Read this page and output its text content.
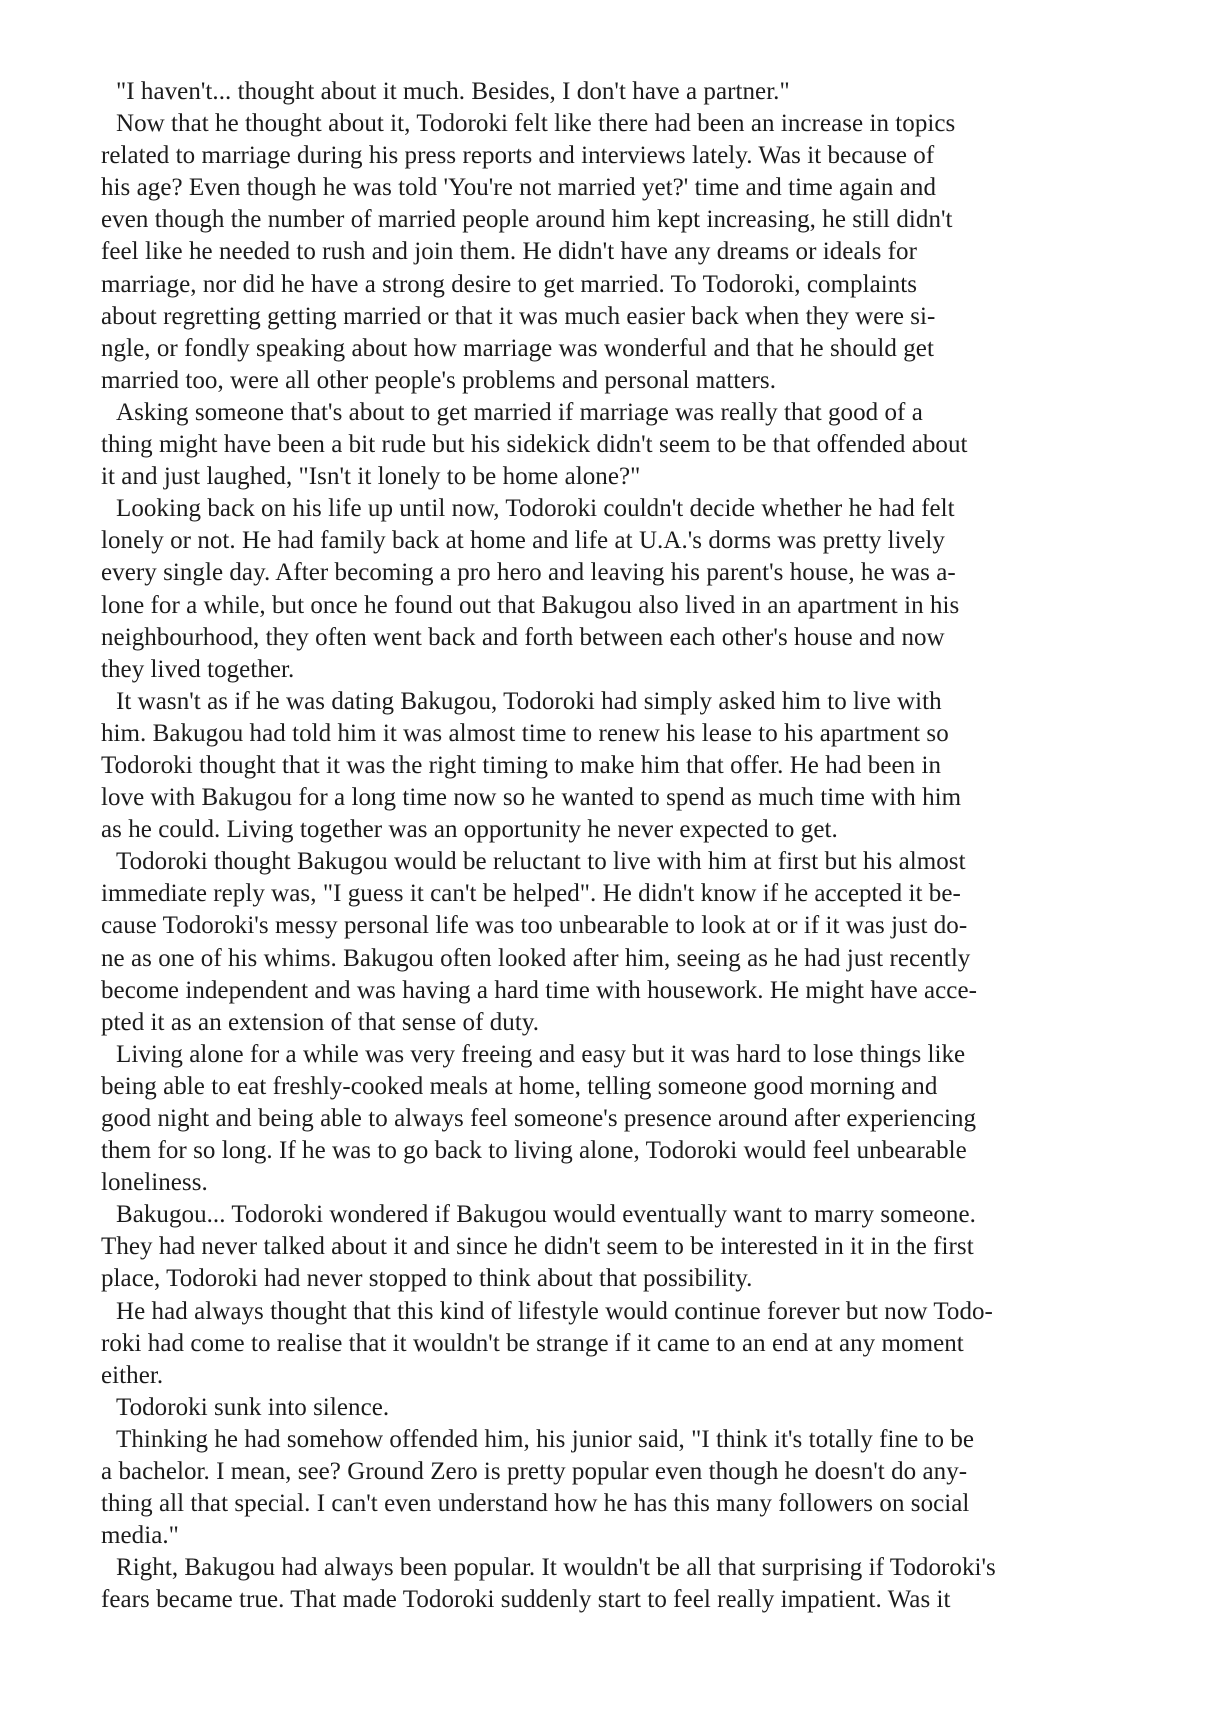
"I haven't... thought about it much. Besides, I don't have a partner."
Now that he thought about it, Todoroki felt like there had been an increase in topics
related to marriage during his press reports and interviews lately. Was it because of
his age? Even though he was told 'You're not married yet?' time and time again and
even though the number of married people around him kept increasing, he still didn't
feel like he needed to rush and join them. He didn't have any dreams or ideals for
marriage, nor did he have a strong desire to get married. To Todoroki, complaints
about regretting getting married or that it was much easier back when they were si-
ngle, or fondly speaking about how marriage was wonderful and that he should get
married too, were all other people's problems and personal matters.
Asking someone that's about to get married if marriage was really that good of a
thing might have been a bit rude but his sidekick didn't seem to be that offended about
it and just laughed, "Isn't it lonely to be home alone?"
Looking back on his life up until now, Todoroki couldn't decide whether he had felt
lonely or not. He had family back at home and life at U.A.'s dorms was pretty lively
every single day. After becoming a pro hero and leaving his parent's house, he was a-
lone for a while, but once he found out that Bakugou also lived in an apartment in his
neighbourhood, they often went back and forth between each other's house and now
they lived together.
It wasn't as if he was dating Bakugou, Todoroki had simply asked him to live with
him. Bakugou had told him it was almost time to renew his lease to his apartment so
Todoroki thought that it was the right timing to make him that offer. He had been in
love with Bakugou for a long time now so he wanted to spend as much time with him
as he could. Living together was an opportunity he never expected to get.
Todoroki thought Bakugou would be reluctant to live with him at first but his almost
immediate reply was, "I guess it can't be helped". He didn't know if he accepted it be-
cause Todoroki's messy personal life was too unbearable to look at or if it was just do-
ne as one of his whims. Bakugou often looked after him, seeing as he had just recently
become independent and was having a hard time with housework. He might have acce-
pted it as an extension of that sense of duty.
Living alone for a while was very freeing and easy but it was hard to lose things like
being able to eat freshly-cooked meals at home, telling someone good morning and
good night and being able to always feel someone's presence around after experiencing
them for so long. If he was to go back to living alone, Todoroki would feel unbearable
loneliness.
Bakugou... Todoroki wondered if Bakugou would eventually want to marry someone.
They had never talked about it and since he didn't seem to be interested in it in the first
place, Todoroki had never stopped to think about that possibility.
He had always thought that this kind of lifestyle would continue forever but now Todo-
roki had come to realise that it wouldn't be strange if it came to an end at any moment
either.
Todoroki sunk into silence.
Thinking he had somehow offended him, his junior said, "I think it's totally fine to be
a bachelor. I mean, see? Ground Zero is pretty popular even though he doesn't do any-
thing all that special. I can't even understand how he has this many followers on social
media."
Right, Bakugou had always been popular. It wouldn't be all that surprising if Todoroki's
fears became true. That made Todoroki suddenly start to feel really impatient. Was it
